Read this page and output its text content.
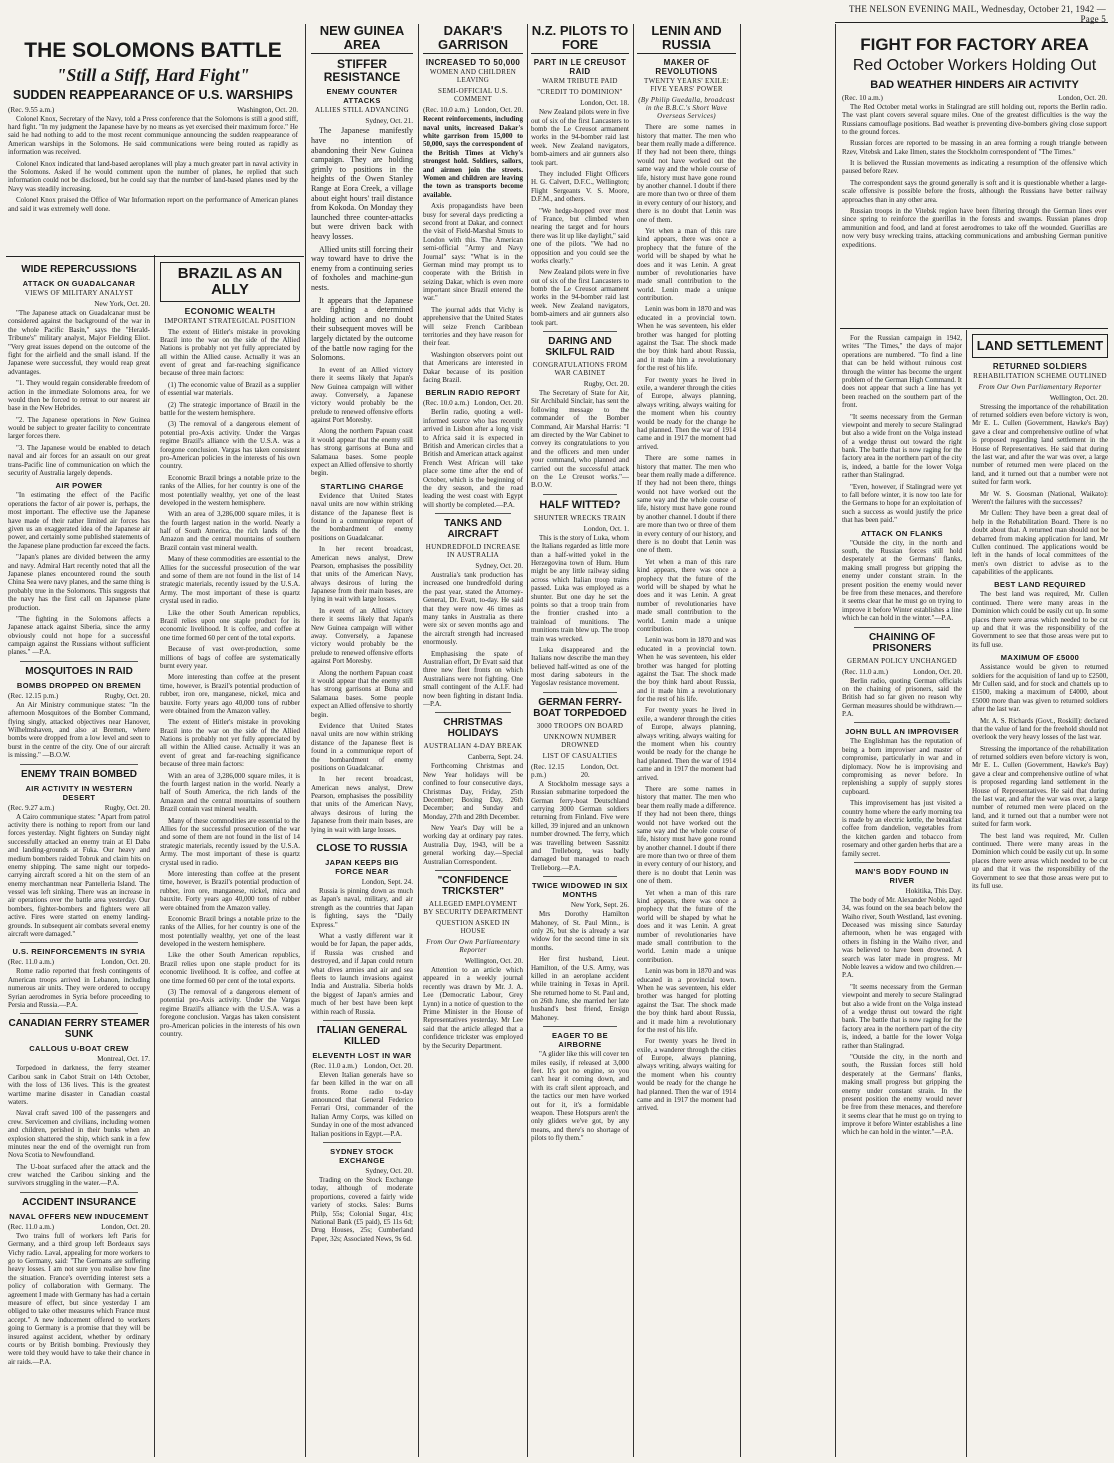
THE NELSON EVENING MAIL, Wednesday, October 21, 1942 — Page 5
THE SOLOMONS BATTLE
"Still a Stiff, Hard Fight"
SUDDEN REAPPEARANCE OF U.S. WARSHIPS
(Rec. 9.55 a.m.)	Washington, Oct. 20.

Colonel Knox, Secretary of the Navy, told a Press conference that the Solomons is still a good stiff, hard fight. "In my judgment the Japanese have by no means as yet exercised their maximum force." He said he had nothing to add to the most recent communique announcing the sudden reappearance of American warships in the Solomons. He said communications were being routed as rapidly as information was received.

Colonel Knox indicated that land-based aeroplanes will play a much greater part in naval activity in the Solomons. Asked if he would comment upon the number of planes, he replied that such information could not be disclosed, but he could say that the number of land-based planes used by the Navy was steadily increasing.

Colonel Knox praised the Office of War Information report on the performance of American planes and said it was extremely well done.

WIDE REPERCUSSIONS
ATTACK ON GUADALCANAR
VIEWS OF MILITARY ANALYST
New York, Oct. 20.

"The Japanese attack on Guadalcanar must be considered against the background of the war in the whole Pacific Basin," says the "Herald-Tribune's" military analyst, Major Fielding Eliot. "Very great issues depend on the outcome of the fight for the airfield and the small island. If the Japanese were successful, they would reap great advantages.

"1. They would regain considerable freedom of action in the immediate Solomons area, for we would then be forced to retreat to our nearest air base in the New Hebrides.

"2. The Japanese operations in New Guinea would be subject to greater facility to concentrate larger forces there.

"3. The Japanese would be enabled to detach naval and air forces for an assault on our great trans-Pacific line of communication on which the security of Australia largely depends.

AIR POWER

"In estimating the effect of the Pacific operations the factor of air power is, perhaps, the most important. The effective use the Japanese have made of their rather limited air forces has given us an exaggerated idea of the Japanese air power, and certainly some published statements of the Japanese plane production far exceed the facts.

"Japan's planes are divided between the army and navy. Admiral Hart recently noted that all the Japanese planes encountered round the south China Sea were navy planes, and the same thing is probably true in the Solomons. This suggests that the navy has the first call on Japanese plane production.

"The fighting in the Solomons affects a Japanese attack against Siberia, since the army obviously could not hope for a successful campaign against the Russians without sufficient planes." —P.A.

MOSQUITOES IN RAID
BOMBS DROPPED ON BREMEN
(Rec. 12.15 p.m.)	Rugby, Oct. 20.

An Air Ministry communique states: "In the afternoon Mosquitoes of the Bomber Command, flying singly, attacked objectives near Hanover, Wilhelmshaven, and also at Bremen, where bombs were dropped from a low level and seen to burst in the centre of the city. One of our aircraft is missing." —B.O.W.

ENEMY TRAIN BOMBED
AIR ACTIVITY IN WESTERN DESERT
(Rec. 9.27 a.m.)	Rugby, Oct. 20.

A Cairo communique states: "Apart from patrol activity there is nothing to report from our land forces yesterday. Night fighters on Sunday night successfully attacked an enemy train at El Daba and landing-grounds at Fuka. Our heavy and medium bombers raided Tobruk and claim hits on enemy shipping. The same night our torpedo-carrying aircraft scored a hit on the stern of an enemy merchantman near Pantelleria Island. The vessel was left sinking. There was an increase in air operations over the battle area yesterday. Our bombers, fighter-bombers and fighters were all active. Fires were started on enemy landing-grounds. In subsequent air combats several enemy aircraft were damaged."

U.S. REINFORCEMENTS IN SYRIA
(Rec. 11.0 a.m.)	London, Oct. 20.

Rome radio reported that fresh contingents of American troops arrived in Lebanon, including numerous air units. They were ordered to occupy Syrian aerodromes in Syria before proceeding to Persia and Russia.—P.A.

CANADIAN FERRY STEAMER SUNK
CALLOUS U-BOAT CREW
Montreal, Oct. 17.

Torpedoed in darkness, the ferry steamer Caribou sank in Cabot Strait on 14th October, with the loss of 136 lives. This is the greatest wartime marine disaster in Canadian coastal waters.

Naval craft saved 100 of the passengers and crew. Servicemen and civilians, including women and children, perished in their bunks when an explosion shattered the ship, which sank in a few minutes near the end of the overnight run from Nova Scotia to Newfoundland.

The U-boat surfaced after the attack and the crew watched the Caribou sinking and the survivors struggling in the water.—P.A.

ACCIDENT INSURANCE
NAVAL OFFERS NEW INDUCEMENT
(Rec. 11.0 a.m.)	London, Oct. 20.

Two trains full of workers left Paris for Germany, and a third group left Bordeaux says Vichy radio. Laval, appealing for more workers to go to Germany, said: "The Germans are suffering heavy losses. I am not sure you realise how fine the situation. France's overriding interest sets a policy of collaboration with Germany. The agreement I made with Germany has had a certain measure of effect, but since yesterday I am obliged to take other measures which France must accept." A new inducement offered to workers going to Germany is a promise that they will be insured against accident, whether by ordinary courts or by British bombing. Previously they were told they would have to take their chance in air raids.—P.A.

BRAZIL AS AN ALLY
ECONOMIC WEALTH
IMPORTANT STRATEGICAL POSITION

The extent of Hitler's mistake in provoking Brazil into the war on the side of the Allied Nations is probably not yet fully appreciated by all within the Allied cause. Actually it was an event of great and far-reaching significance because of three main factors:

(1) The economic value of Brazil as a supplier of essential war materials.

(2) The strategic importance of Brazil in the battle for the western hemisphere.

(3) The removal of a dangerous element of potential pro-Axis activity. Under the Vargas regime Brazil's alliance with the U.S.A. was a foregone conclusion. Vargas has taken consistent pro-American policies in the interests of his own country.

Economic Brazil brings a notable prize to the ranks of the Allies, for her country is one of the most potentially wealthy, yet one of the least developed in the western hemisphere.

With an area of 3,286,000 square miles, it is the fourth largest nation in the world. Nearly a half of South America, the rich lands of the Amazon and the central mountains of southern Brazil contain vast mineral wealth.

Many of these commodities are essential to the Allies for the successful prosecution of the war and some of them are not found in the list of 14 strategic materials, recently issued by the U.S.A. Army. The most important of these is quartz crystal used in radio.

Like the other South American republics, Brazil relies upon one staple product for its economic livelihood. It is coffee, and coffee at one time formed 60 per cent of the total exports.

Because of vast over-production, some millions of bags of coffee are systematically burnt every year.

More interesting than coffee at the present time, however, is Brazil's potential production of rubber, iron ore, manganese, nickel, mica and bauxite. Forty years ago 40,000 tons of rubber were obtained from the Amazon valley.

The extent of Hitler's mistake in provoking Brazil into the war on the side of the Allied Nations is probably not yet fully appreciated by all within the Allied cause. Actually it was an event of great and far-reaching significance because of three main factors:

With an area of 3,286,000 square miles, it is the fourth largest nation in the world. Nearly a half of South America, the rich lands of the Amazon and the central mountains of southern Brazil contain vast mineral wealth.

Many of these commodities are essential to the Allies for the successful prosecution of the war and some of them are not found in the list of 14 strategic materials, recently issued by the U.S.A. Army. The most important of these is quartz crystal used in radio.

More interesting than coffee at the present time, however, is Brazil's potential production of rubber, iron ore, manganese, nickel, mica and bauxite. Forty years ago 40,000 tons of rubber were obtained from the Amazon valley.

Economic Brazil brings a notable prize to the ranks of the Allies, for her country is one of the most potentially wealthy, yet one of the least developed in the western hemisphere.

Like the other South American republics, Brazil relies upon one staple product for its economic livelihood. It is coffee, and coffee at one time formed 60 per cent of the total exports.

(3) The removal of a dangerous element of potential pro-Axis activity. Under the Vargas regime Brazil's alliance with the U.S.A. was a foregone conclusion. Vargas has taken consistent pro-American policies in the interests of his own country.

NEW GUINEA AREA
STIFFER RESISTANCE
ENEMY COUNTER ATTACKS
ALLIES STILL ADVANCING
Sydney, Oct. 21.

The Japanese manifestly have no intention of abandoning their New Guinea campaign. They are holding grimly to positions in the heights of the Owen Stanley Range at Eora Creek, a village about eight hours' trail distance from Kokoda. On Monday they launched three counter-attacks but were driven back with heavy losses.

Allied units still forcing their way toward have to drive the enemy from a continuing series of foxholes and machine-gun nests.

It appears that the Japanese are fighting a determined holding action and no doubt their subsequent moves will be largely dictated by the outcome of the battle now raging for the Solomons.

In event of an Allied victory there it seems likely that Japan's New Guinea campaign will wither away. Conversely, a Japanese victory would probably be the prelude to renewed offensive efforts against Port Moresby.

Along the northern Papuan coast it would appear that the enemy still has strong garrisons at Buna and Salamaua bases. Some people expect an Allied offensive to shortly begin.

STARTLING CHARGE

Evidence that United States naval units are now within striking distance of the Japanese fleet is found in a communique report of the bombardment of enemy positions on Guadalcanar.

In her recent broadcast, American news analyst, Drew Pearson, emphasises the possibility that units of the American Navy, always desirous of luring the Japanese from their main bases, are lying in wait with large losses.

In event of an Allied victory there it seems likely that Japan's New Guinea campaign will wither away. Conversely, a Japanese victory would probably be the prelude to renewed offensive efforts against Port Moresby.

Along the northern Papuan coast it would appear that the enemy still has strong garrisons at Buna and Salamaua bases. Some people expect an Allied offensive to shortly begin.

Evidence that United States naval units are now within striking distance of the Japanese fleet is found in a communique report of the bombardment of enemy positions on Guadalcanar.

In her recent broadcast, American news analyst, Drew Pearson, emphasises the possibility that units of the American Navy, always desirous of luring the Japanese from their main bases, are lying in wait with large losses.

CLOSE TO RUSSIA
JAPAN KEEPS BIG FORCE NEAR
London, Sept. 24.

Russia is pinning down as much as Japan's naval, military, and air strength as the countries that Japan is fighting, says the "Daily Express."

What a vastly different war it would be for Japan, the paper adds, if Russia was crushed and destroyed, and if Japan could return what dives armies and air and sea fleets to launch invasions against India and Australia. Siberia holds the biggest of Japan's armies and much of her best have been kept within reach of Russia.

ITALIAN GENERAL KILLED
ELEVENTH LOST IN WAR
(Rec. 11.0 a.m.) London, Oct. 20.

Eleven Italian generals have so far been killed in the war on all fronts. Rome radio to-day announced that General Federico Ferrari Orsi, commander of the Italian Army Corps, was killed on Sunday in one of the most advanced Italian positions in Egypt.—P.A.

SYDNEY STOCK EXCHANGE
Sydney, Oct. 20.

Trading on the Stock Exchange today, although of moderate proportions, covered a fairly wide variety of stocks. Sales: Burns Philp, 55s; Colonial Sugar, 41s; National Bank (£5 paid), £5 11s 6d; Drug Houses, 25s; Cumberland Paper, 32s; Associated News, 9s 6d.

DAKAR'S GARRISON
INCREASED TO 50,000
WOMEN AND CHILDREN LEAVING
SEMI-OFFICIAL U.S. COMMENT
(Rec. 10.0 a.m.) London, Oct. 20.

Recent reinforcements, including naval units, increased Dakar's white garrison from 15,000 to 50,000, says the correspondent of the British Times at Vichy's strongest hold. Soldiers, sailors, and airmen join the streets. Women and children are leaving the town as transports become available.

Axis propagandists have been busy for several days predicting a second front at Dakar, and connect the visit of Field-Marshal Smuts to London with this. The American semi-official "Army and Navy Journal" says: "What is in the German mind may prompt us to cooperate with the British in seizing Dakar, which is even more important since Brazil entered the war."

The journal adds that Vichy is apprehensive that the United States will seize French Caribbean territories and they have reason for their fear.

Washington observers point out that Americans are interested in Dakar because of its position facing Brazil.

BERLIN RADIO REPORT
(Rec. 10.0 a.m.) London, Oct. 20.

Berlin radio, quoting a well-informed source who has recently arrived in Lisbon after a long visit to Africa said it is expected in British and American circles that a British and American attack against French West African will take place some time after the end of October, which is the beginning of the dry season, and the road leading the west coast with Egypt will shortly be completed.—P.A.

TANKS AND AIRCRAFT
HUNDREDFOLD INCREASE IN AUSTRALIA
Sydney, Oct. 20.

Australia's tank production has increased one hundredfold during the past year, stated the Attorney-General, Dr. Evatt, to-day. He said that they were now 46 times as many tanks in Australia as there were six or seven months ago and the aircraft strength had increased enormously.

Emphasising the spate of Australian effort, Dr Evatt said that three new fleet fronts on which Australians were not fighting. One small contingent of the A.I.F. had now been fighting in distant India.—P.A.

CHRISTMAS HOLIDAYS
AUSTRALIAN 4-DAY BREAK
Canberra, Sept. 24.

Forthcoming Christmas and New Year holidays will be confined to four consecutive days, Christmas Day, Friday, 25th December; Boxing Day, 26th December; and Sunday and Monday, 27th and 28th December.

New Year's Day will be a working day at ordinary pay rates. Australia Day, 1943, will be a general working day.—Special Australian Correspondent.

"CONFIDENCE TRICKSTER"
ALLEGED EMPLOYMENT BY SECURITY DEPARTMENT
QUESTION ASKED IN HOUSE
From Our Own Parliamentary Reporter
Wellington, Oct. 20.

Attention to an article which appeared in a weekly journal recently was drawn by Mr. J. A. Lee (Democratic Labour, Grey Lynn) in a notice of question to the Prime Minister in the House of Representatives yesterday. Mr Lee said that the article alleged that a confidence trickster was employed by the Security Department.

N.Z. PILOTS TO FORE
PART IN LE CREUSOT RAID
WARM TRIBUTE PAID
"CREDIT TO DOMINION"
London, Oct. 18.

New Zealand pilots were in five out of six of the first Lancasters to bomb the Le Creusot armament works in the 94-bomber raid last week. New Zealand navigators, bomb-aimers and air gunners also took part.

They included Flight Officers H. G. Calvert, D.F.C., Wellington; Flight Sergeants V. S. Moore, D.F.M., and others.

"We hedge-hopped over most of France, but climbed when nearing the target and for hours there was lit up like daylight," said one of the pilots. "We had no opposition and you could see the works clearly."

New Zealand pilots were in five out of six of the first Lancasters to bomb the Le Creusot armament works in the 94-bomber raid last week. New Zealand navigators, bomb-aimers and air gunners also took part.

DARING AND SKILFUL RAID
CONGRATULATIONS FROM WAR CABINET
Rugby, Oct. 20.

The Secretary of State for Air, Sir Archibald Sinclair, has sent the following message to the commander of the Bomber Command, Air Marshal Harris: "I am directed by the War Cabinet to convey its congratulations to you and the officers and men under your command, who planned and carried out the successful attack on the Le Creusot works."—B.O.W.

HALF WITTED?
SHUNTER WRECKS TRAIN
London, Oct. 1.

This is the story of Luka, whom the Italians regarded as little more than a half-witted yokel in the Herzegovina town of Hum. Hum might be any little railway siding across which Italian troop trains passed. Luka was employed as a shunter. But one day he set the points so that a troop train from the frontier crashed into a trainload of munitions. The munitions train blew up. The troop train was wrecked.

Luka disappeared and the Italians now describe the man they believed half-witted as one of the most daring saboteurs in the Yugoslav resistance movement.

GERMAN FERRY-BOAT TORPEDOED
3000 TROOPS ON BOARD
UNKNOWN NUMBER DROWNED
LIST OF CASUALTIES
(Rec. 12.15 p.m.)
London, Oct. 20.

A Stockholm message says a Russian submarine torpedoed the German ferry-boat Deutschland carrying 3000 German soldiers returning from Finland. Five were killed, 39 injured and an unknown number drowned. The ferry, which was travelling between Sassnitz and Trelleborg, was badly damaged but managed to reach Trelleborg.—P.A.

TWICE WIDOWED IN SIX MONTHS
New York, Sept. 26.

Mrs Dorothy Hamilton Mahoney, of St. Paul Minn., is only 26, but she is already a war widow for the second time in six months.

Her first husband, Lieut. Hamilton, of the U.S. Army, was killed in an aeroplane accident while training in Texas in April. She returned home to St. Paul and, on 26th June, she married her late husband's best friend, Ensign Mahoney.

EAGER TO BE AIRBORNE

"A glider like this will cover ten miles easily, if released at 3,000 feet. It's got no engine, so you can't hear it coming down, and with its craft silent approach, and the tactics our men have worked out for it, it's a formidable weapon. These Hotspurs aren't the only gliders we've got, by any means, and there's no shortage of pilots to fly them."

LENIN AND RUSSIA
MAKER OF REVOLUTIONS
TWENTY YEARS' EXILE: FIVE YEARS' POWER
(By Philip Guedalla, broadcast in the B.B.C.'s Short Wave Overseas Services)

There are some names in history that matter. The men who bear them really made a difference. If they had not been there, things would not have worked out the same way and the whole course of life, history must have gone round by another channel. I doubt if there are more than two or three of them in every century of our history, and there is no doubt that Lenin was one of them.

Yet when a man of this rare kind appears, there was once a prophecy that the future of the world will be shaped by what he does and it was Lenin. A great number of revolutionaries have made small contribution to the world. Lenin made a unique contribution.

Lenin was born in 1870 and was educated in a provincial town. When he was seventeen, his elder brother was hanged for plotting against the Tsar. The shock made the boy think hard about Russia, and it made him a revolutionary for the rest of his life.

For twenty years he lived in exile, a wanderer through the cities of Europe, always planning, always writing, always waiting for the moment when his country would be ready for the change he had planned. Then the war of 1914 came and in 1917 the moment had arrived.

There are some names in history that matter. The men who bear them really made a difference. If they had not been there, things would not have worked out the same way and the whole course of life, history must have gone round by another channel. I doubt if there are more than two or three of them in every century of our history, and there is no doubt that Lenin was one of them.

Yet when a man of this rare kind appears, there was once a prophecy that the future of the world will be shaped by what he does and it was Lenin. A great number of revolutionaries have made small contribution to the world. Lenin made a unique contribution.

Lenin was born in 1870 and was educated in a provincial town. When he was seventeen, his elder brother was hanged for plotting against the Tsar. The shock made the boy think hard about Russia, and it made him a revolutionary for the rest of his life.

For twenty years he lived in exile, a wanderer through the cities of Europe, always planning, always writing, always waiting for the moment when his country would be ready for the change he had planned. Then the war of 1914 came and in 1917 the moment had arrived.

There are some names in history that matter. The men who bear them really made a difference. If they had not been there, things would not have worked out the same way and the whole course of life, history must have gone round by another channel. I doubt if there are more than two or three of them in every century of our history, and there is no doubt that Lenin was one of them.

Yet when a man of this rare kind appears, there was once a prophecy that the future of the world will be shaped by what he does and it was Lenin. A great number of revolutionaries have made small contribution to the world. Lenin made a unique contribution.

Lenin was born in 1870 and was educated in a provincial town. When he was seventeen, his elder brother was hanged for plotting against the Tsar. The shock made the boy think hard about Russia, and it made him a revolutionary for the rest of his life.

For twenty years he lived in exile, a wanderer through the cities of Europe, always planning, always writing, always waiting for the moment when his country would be ready for the change he had planned. Then the war of 1914 came and in 1917 the moment had arrived.

FIGHT FOR FACTORY AREA
Red October Workers Holding Out
BAD WEATHER HINDERS AIR ACTIVITY
(Rec. 10 a.m.)	London, Oct. 20.

The Red October metal works in Stalingrad are still holding out, reports the Berlin radio. The vast plant covers several square miles. One of the greatest difficulties is the way the Russians camouflage positions. Bad weather is preventing dive-bombers giving close support to the ground forces.

Russian forces are reported to be massing in an area forming a rough triangle between Rzev, Vitebsk and Lake Ilmen, states the Stockholm correspondent of "The Times."

It is believed the Russian movements as indicating a resumption of the offensive which paused before Rzev.

The correspondent says the ground generally is soft and it is questionable whether a large-scale offensive is possible before the frosts, although the Russians have better railway approaches than in any other area.

Russian troops in the Vitebsk region have been filtering through the German lines ever since spring to reinforce the guerillas in the forests and swamps. Russian planes drop ammunition and food, and land at forest aerodromes to take off the wounded. Guerillas are now very busy wrecking trains, attacking communications and ambushing German punitive expeditions.

For the Russian campaign in 1942, writes "The Times," the days of major operations are numbered. "To find a line that can be held without ruinous cost through the winter has become the urgent problem of the German High Command. It does not appear that such a line has yet been reached on the southern part of the front.

"It seems necessary from the German viewpoint and merely to secure Stalingrad but also a wide front on the Volga instead of a wedge thrust out toward the right bank. The battle that is now raging for the factory area in the northern part of the city is, indeed, a battle for the lower Volga rather than Stalingrad.

"Even, however, if Stalingrad were yet to fall before winter, it is now too late for the Germans to hope for an exploitation of such a success as would justify the price that has been paid."

ATTACK ON FLANKS

"Outside the city, in the north and south, the Russian forces still hold desperately at the Germans' flanks, making small progress but gripping the enemy under constant strain. In the present position the enemy would never be free from these menaces, and therefore it seems clear that he must go on trying to improve it before Winter establishes a line which he can hold in the winter."—P.A.

CHAINING OF PRISONERS
GERMAN POLICY UNCHANGED
(Rec. 11.0 a.m.)	London, Oct. 20.

Berlin radio, quoting German officials on the chaining of prisoners, said the British had so far given no reason why German measures should be withdrawn.—P.A.

JOHN BULL AN IMPROVISER

The Englishman has the reputation of being a born improviser and master of compromise, particularly in war and in diplomacy. Now he is improvising and compromising as never before. In replenishing a supply of supply stores cupboard.

This improvisement has just visited a country home where the early morning tea is made by an electric kettle, the breakfast coffee from dandelion, vegetables from the kitchen garden and tobacco from rosemary and other garden herbs that are a family secret.

MAN'S BODY FOUND IN RIVER
Hokitika, This Day.

The body of Mr. Alexander Noble, aged 34, was found on the sea beach below the Waiho river, South Westland, last evening. Deceased was missing since Saturday afternoon, when he was engaged with others in fishing in the Waiho river, and was believed to have been drowned. A search was later made in progress. Mr Noble leaves a widow and two children.—P.A.

"It seems necessary from the German viewpoint and merely to secure Stalingrad but also a wide front on the Volga instead of a wedge thrust out toward the right bank. The battle that is now raging for the factory area in the northern part of the city is, indeed, a battle for the lower Volga rather than Stalingrad.

"Outside the city, in the north and south, the Russian forces still hold desperately at the Germans' flanks, making small progress but gripping the enemy under constant strain. In the present position the enemy would never be free from these menaces, and therefore it seems clear that he must go on trying to improve it before Winter establishes a line which he can hold in the winter."—P.A.

LAND SETTLEMENT
RETURNED SOLDIERS
REHABILITATION SCHEME OUTLINED
From Our Own Parliamentary Reporter
Wellington, Oct. 20.

Stressing the importance of the rehabilitation of returned soldiers even before victory is won, Mr E. L. Cullen (Government, Hawke's Bay) gave a clear and comprehensive outline of what is proposed regarding land settlement in the House of Representatives. He said that during the last war, and after the war was over, a large number of returned men were placed on the land, and it turned out that a number were not suited for farm work.

Mr W. S. Goosman (National, Waikato): Weren't the failures with the successes?

Mr Cullen: They have been a great deal of help in the Rehabilitation Board. There is no doubt about that. A returned man should not be debarred from making application for land, Mr Cullen continued. The applications would be left in the hands of local committees of the men's own district to advise as to the capabilities of the applicants.

BEST LAND REQUIRED

The best land was required, Mr. Cullen continued. There were many areas in the Dominion which could be easily cut up. In some places there were areas which needed to be cut up and that it was the responsibility of the Government to see that those areas were put to its full use.

MAXIMUM OF £5000

Assistance would be given to returned soldiers for the acquisition of land up to £2500, Mr Cullen said, and for stock and chattels up to £1500, making a maximum of £4000, about £5000 more than was given to returned soldiers after the last war.

Mr. A. S. Richards (Govt., Roskill): declared that the value of land for the freehold should not overlook the very heavy losses of the last war.

Stressing the importance of the rehabilitation of returned soldiers even before victory is won, Mr E. L. Cullen (Government, Hawke's Bay) gave a clear and comprehensive outline of what is proposed regarding land settlement in the House of Representatives. He said that during the last war, and after the war was over, a large number of returned men were placed on the land, and it turned out that a number were not suited for farm work.

The best land was required, Mr. Cullen continued. There were many areas in the Dominion which could be easily cut up. In some places there were areas which needed to be cut up and that it was the responsibility of the Government to see that those areas were put to its full use.
